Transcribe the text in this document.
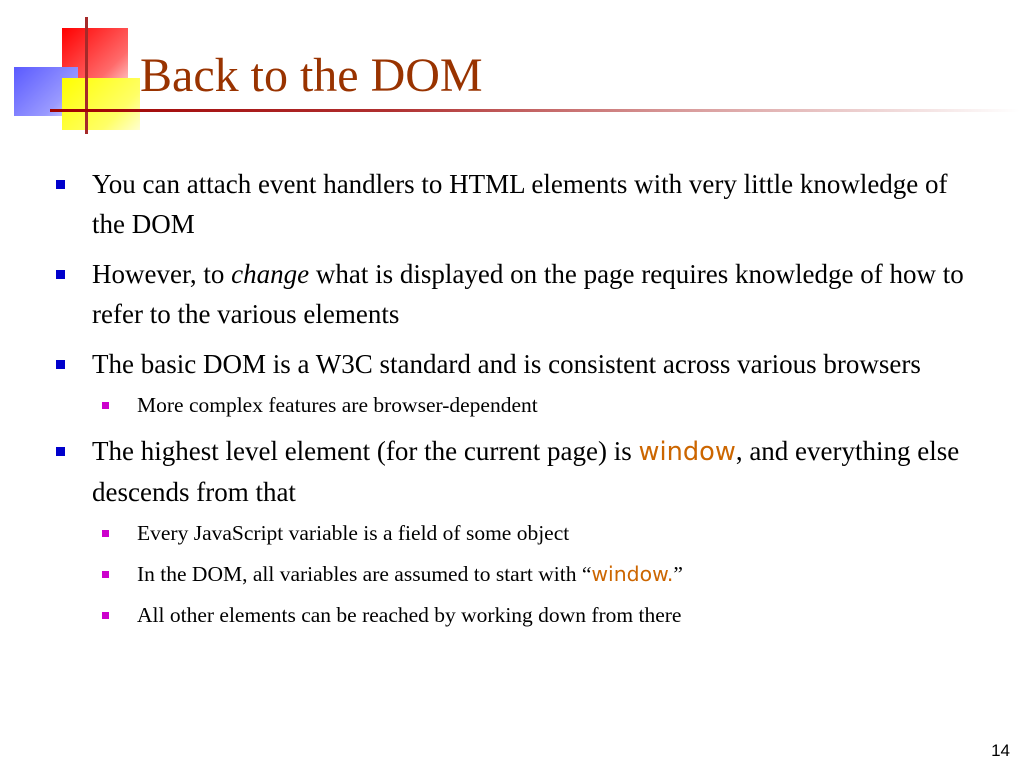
Back to the DOM
You can attach event handlers to HTML elements with very little knowledge of the DOM
However, to change what is displayed on the page requires knowledge of how to refer to the various elements
The basic DOM is a W3C standard and is consistent across various browsers
More complex features are browser-dependent
The highest level element (for the current page) is window, and everything else descends from that
Every JavaScript variable is a field of some object
In the DOM, all variables are assumed to start with “window.”
All other elements can be reached by working down from there
14
